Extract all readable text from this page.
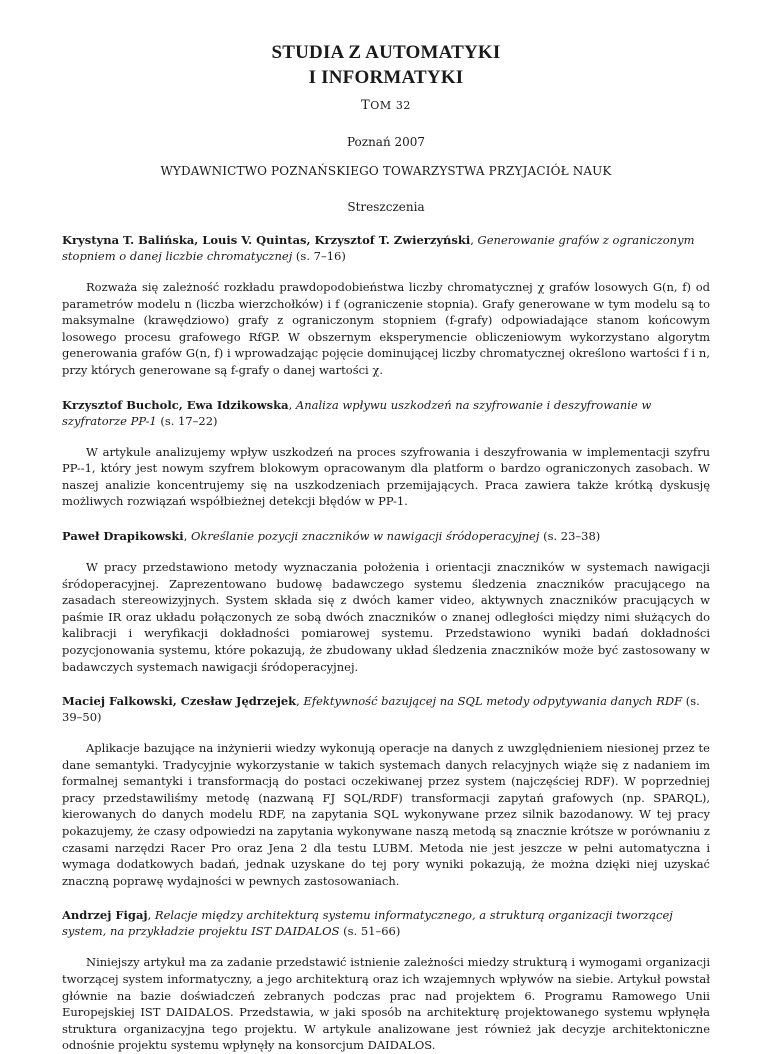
STUDIA Z AUTOMATYKI
I INFORMATYKI
TOM 32
Poznań 2007
WYDAWNICTWO POZNAŃSKIEGO TOWARZYSTWA PRZYJACIÓŁ NAUK
Streszczenia
Krystyna T. Balińska, Louis V. Quintas, Krzysztof T. Zwierzyński, Generowanie grafów z ograniczonym stopniem o danej liczbie chromatycznej (s. 7–16)
Rozważa się zależność rozkładu prawdopodobieństwa liczby chromatycznej χ grafów losowych G(n, f) od parametrów modelu n (liczba wierzchołków) i f (ograniczenie stopnia). Grafy generowane w tym modelu są to maksymalne (krawędziowo) grafy z ograniczonym stopniem (f-grafy) odpowiadające stanom końcowym losowego procesu grafowego RfGP. W obszernym eksperymencie obliczeniowym wykorzystano algorytm generowania grafów G(n, f) i wprowadzając pojęcie dominującej liczby chromatycznej określono wartości f i n, przy których generowane są f-grafy o danej wartości χ.
Krzysztof Bucholc, Ewa Idzikowska, Analiza wpływu uszkodzeń na szyfrowanie i deszyfrowanie w szyfratorze PP-1 (s. 17–22)
W artykule analizujemy wpływ uszkodzeń na proces szyfrowania i deszyfrowania w implementacji szyfru PP--1, który jest nowym szyfrem blokowym opracowanym dla platform o bardzo ograniczonych zasobach. W naszej analizie koncentrujemy się na uszkodzeniach przemijających. Praca zawiera także krótką dyskusję możliwych rozwiązań współbieżnej detekcji błędów w PP-1.
Paweł Drapikowski, Określanie pozycji znaczników w nawigacji śródoperacyjnej (s. 23–38)
W pracy przedstawiono metody wyznaczania położenia i orientacji znaczników w systemach nawigacji śródoperacyjnej. Zaprezentowano budowę badawczego systemu śledzenia znaczników pracującego na zasadach stereowizyjnych. System składa się z dwóch kamer video, aktywnych znaczników pracujących w paśmie IR oraz układu połączonych ze sobą dwóch znaczników o znanej odległości między nimi służących do kalibracji i weryfikacji dokładności pomiarowej systemu. Przedstawiono wyniki badań dokładności pozycjonowania systemu, które pokazują, że zbudowany układ śledzenia znaczników może być zastosowany w badawczych systemach nawigacji śródoperacyjnej.
Maciej Falkowski, Czesław Jędrzejek, Efektywność bazującej na SQL metody odpytywania danych RDF (s. 39–50)
Aplikacje bazujące na inżynierii wiedzy wykonują operacje na danych z uwzględnieniem niesionej przez te dane semantyki. Tradycyjnie wykorzystanie w takich systemach danych relacyjnych wiąże się z nadaniem im formalnej semantyki i transformacją do postaci oczekiwanej przez system (najczęściej RDF). W poprzedniej pracy przedstawiliśmy metodę (nazwaną FJ SQL/RDF) transformacji zapytań grafowych (np. SPARQL), kierowanych do danych modelu RDF, na zapytania SQL wykonywane przez silnik bazodanowy. W tej pracy pokazujemy, że czasy odpowiedzi na zapytania wykonywane naszą metodą są znacznie krótsze w porównaniu z czasami narzędzi Racer Pro oraz Jena 2 dla testu LUBM. Metoda nie jest jeszcze w pełni automatyczna i wymaga dodatkowych badań, jednak uzyskane do tej pory wyniki pokazują, że można dzięki niej uzyskać znaczną poprawę wydajności w pewnych zastosowaniach.
Andrzej Figaj, Relacje między architekturą systemu informatycznego, a strukturą organizacji tworzącej system, na przykładzie projektu IST DAIDALOS (s. 51–66)
Niniejszy artykuł ma za zadanie przedstawić istnienie zależności miedzy strukturą i wymogami organizacji tworzącej system informatyczny, a jego architekturą oraz ich wzajemnych wpływów na siebie. Artykuł powstał głównie na bazie doświadczeń zebranych podczas prac nad projektem 6. Programu Ramowego Unii Europejskiej IST DAIDALOS. Przedstawia, w jaki sposób na architekturę projektowanego systemu wpłynęła struktura organizacyjna tego projektu. W artykule analizowane jest również jak decyzje architektoniczne odnośnie projektu systemu wpłynęły na konsorcjum DAIDALOS.
